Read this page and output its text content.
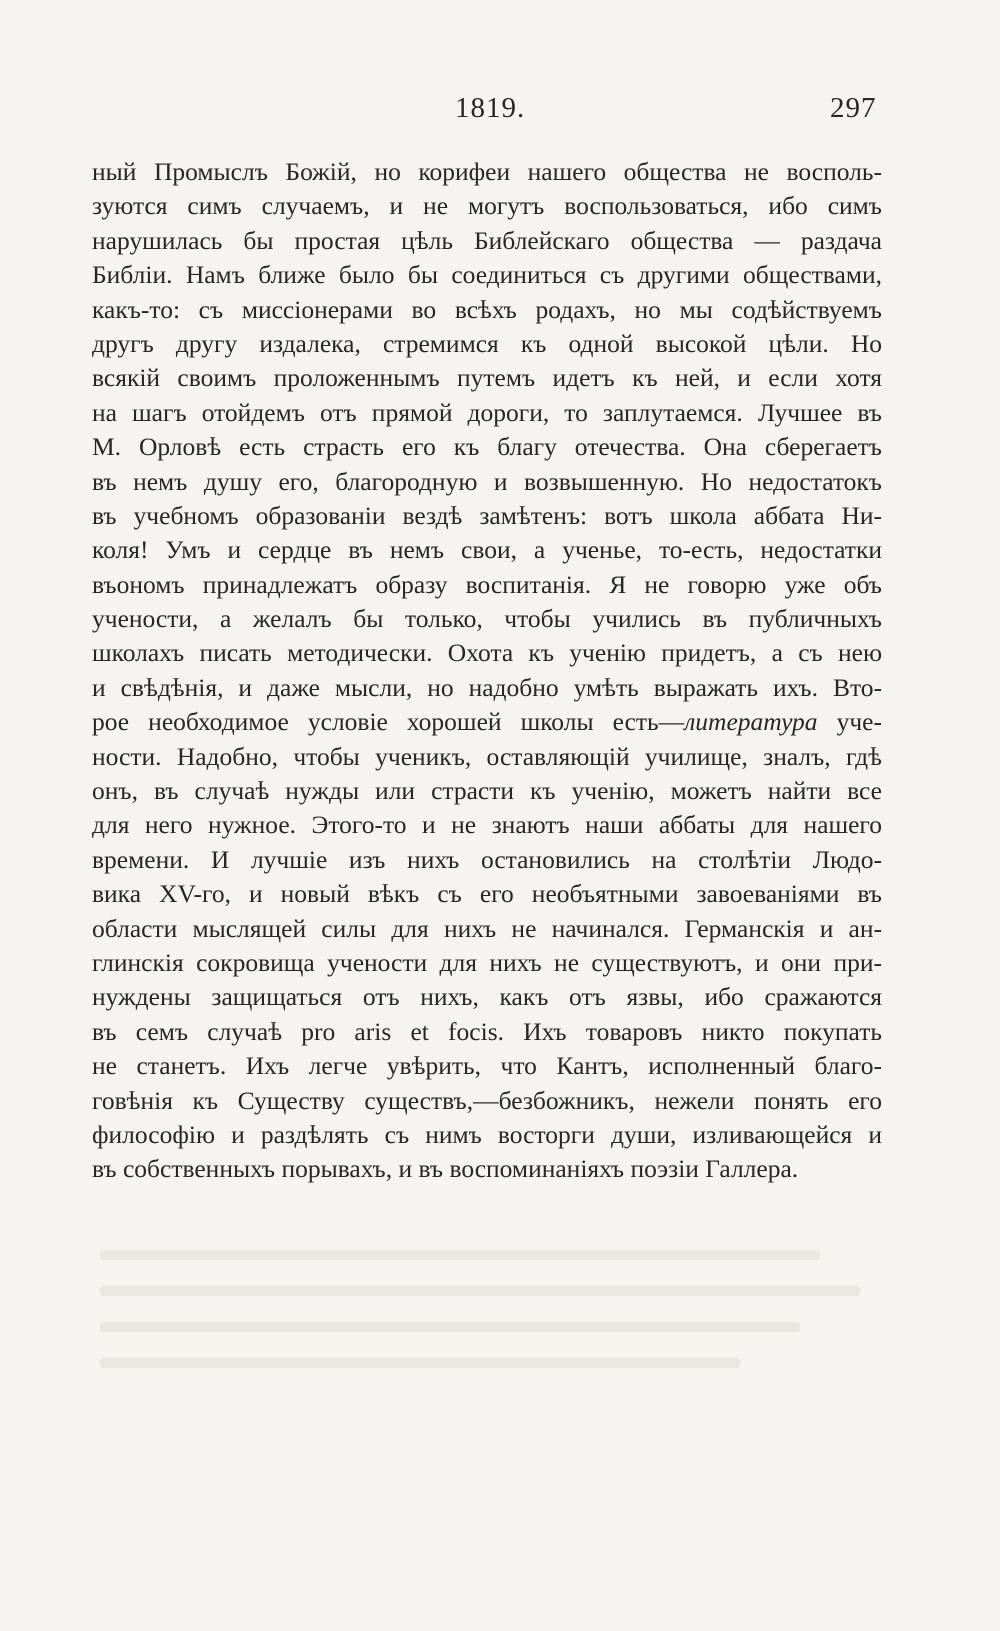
1819.	297
ный Промыслъ Божій, но корифеи нашего общества не восполь-
зуются симъ случаемъ, и не могутъ воспользоваться, ибо симъ
нарушилась бы простая цѣль Библейскаго общества — раздача
Библіи. Намъ ближе было бы соединиться съ другими обществами,
какъ-то: съ миссіонерами во всѣхъ родахъ, но мы содѣйствуемъ
другъ другу издалека, стремимся къ одной высокой цѣли. Но
всякій своимъ проложеннымъ путемъ идетъ къ ней, и если хотя
на шагъ отойдемъ отъ прямой дороги, то заплутаемся. Лучшее въ
М. Орловѣ есть страсть его къ благу отечества. Она сберегаетъ
въ немъ душу его, благородную и возвышенную. Но недостатокъ
въ учебномъ образованіи вездѣ замѣтенъ: вотъ школа аббата Ни-
коля! Умъ и сердце въ немъ свои, а ученье, то-есть, недостатки
въономъ принадлежатъ образу воспитанія. Я не говорю уже объ
учености, а желалъ бы только, чтобы учились въ публичныхъ
школахъ писать методически. Охота къ ученію придетъ, а съ нею
и свѣдѣнія, и даже мысли, но надобно умѣть выражать ихъ. Вто-
рое необходимое условіе хорошей школы есть—литература уче-
ности. Надобно, чтобы ученикъ, оставляющій училище, зналъ, гдѣ
онъ, въ случаѣ нужды или страсти къ ученію, можетъ найти все
для него нужное. Этого-то и не знаютъ наши аббаты для нашего
времени. И лучшіе изъ нихъ остановились на столѣтіи Людо-
вика XV-го, и новый вѣкъ съ его необъятными завоеваніями въ
области мыслящей силы для нихъ не начинался. Германскія и ан-
глинскія сокровища учености для нихъ не существуютъ, и они при-
нуждены защищаться отъ нихъ, какъ отъ язвы, ибо сражаются
въ семъ случаѣ pro aris et focis. Ихъ товаровъ никто покупать
не станетъ. Ихъ легче увѣрить, что Кантъ, исполненный благо-
говѣнія къ Существу существъ,—безбожникъ, нежели понять его
философію и раздѣлять съ нимъ восторги души, изливающейся и
въ собственныхъ порывахъ, и въ воспоминаніяхъ поэзіи Галлера.
